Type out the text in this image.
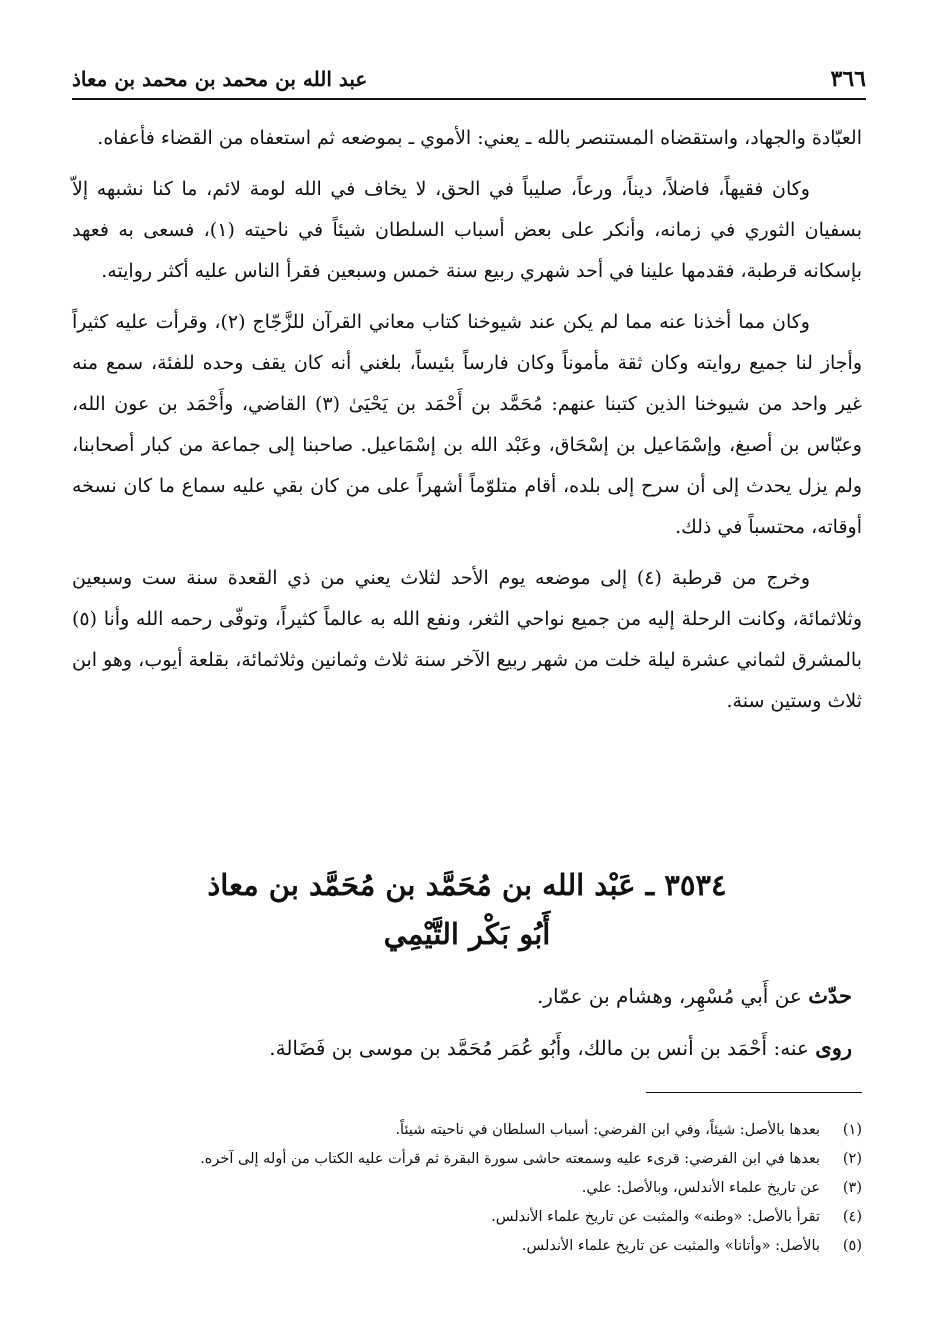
٣٦٦
عبد الله بن محمد بن محمد بن معاذ

العبّادة والجهاد، واستقضاه المستنصر بالله ـ يعني: الأموي ـ بموضعه ثم استعفاه من القضاء فأعفاه.

وكان فقيهاً، فاضلاً، ديناً، ورعاً، صليباً في الحق، لا يخاف في الله لومة لائم، ما كنا نشبهه إلاّ بسفيان الثوري في زمانه، وأنكر على بعض أسباب السلطان شيئاً في ناحيته (١)، فسعى به فعهد بإسكانه قرطبة، فقدمها علينا في أحد شهري ربيع سنة خمس وسبعين فقرأ الناس عليه أكثر روايته.

وكان مما أخذنا عنه مما لم يكن عند شيوخنا كتاب معاني القرآن للزَّجّاج (٢)، وقرأت عليه كثيراً وأجاز لنا جميع روايته وكان ثقة مأموناً وكان فارساً بئيساً، بلغني أنه كان يقف وحده للفئة، سمع منه غير واحد من شيوخنا الذين كتبنا عنهم: مُحَمَّد بن أَحْمَد بن يَحْيَىٰ (٣) القاضي، وأَحْمَد بن عون الله، وعبّاس بن أصبغ، وإسْمَاعيل بن إسْحَاق، وعَبْد الله بن إسْمَاعيل. صاحبنا إلى جماعة من كبار أصحابنا، ولم يزل يحدث إلى أن سرح إلى بلده، أقام متلوّماً أشهراً على من كان بقي عليه سماع ما كان نسخه أوقاته، محتسباً في ذلك.

وخرج من قرطبة (٤) إلى موضعه يوم الأحد لثلاث يعني من ذي القعدة سنة ست وسبعين وثلاثمائة، وكانت الرحلة إليه من جميع نواحي الثغر، ونفع الله به عالماً كثيراً، وتوفّى رحمه الله وأنا (٥) بالمشرق لثماني عشرة ليلة خلت من شهر ربيع الآخر سنة ثلاث وثمانين وثلاثمائة، بقلعة أيوب، وهو ابن ثلاث وستين سنة.

٣٥٣٤ ـ عَبْد الله بن مُحَمَّد بن مُحَمَّد بن معاذ
أَبُو بَكْر التَّيْمِي

حدّث عن أَبي مُسْهِر، وهشام بن عمّار.

روى عنه: أَحْمَد بن أنس بن مالك، وأَبُو عُمَر مُحَمَّد بن موسى بن فَضَالة.

(١)
بعدها بالأصل: شيئاً، وفي ابن الفرضي: أسباب السلطان في ناحيته شيئاً.

(٢)
بعدها في ابن الفرضي: قرىء عليه وسمعته حاشى سورة البقرة ثم قرأت عليه الكتاب من أوله إلى آخره.

(٣)
عن تاريخ علماء الأندلس، وبالأصل: علي.

(٤)
تقرأ بالأصل: «وطنه» والمثبت عن تاريخ علماء الأندلس.

(٥)
بالأصل: «وأتانا» والمثبت عن تاريخ علماء الأندلس.
